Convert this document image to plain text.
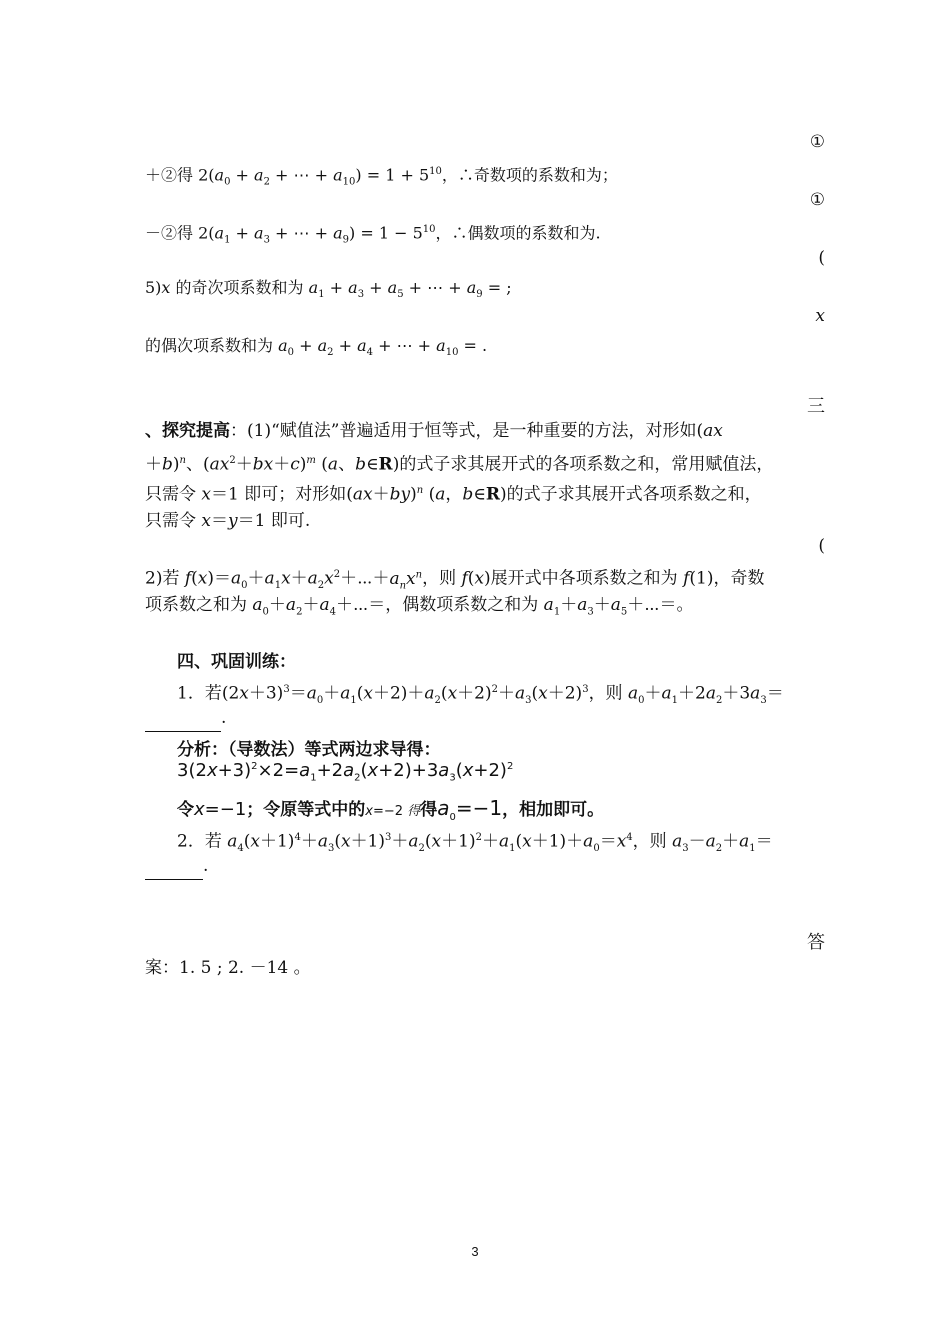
①
①
(
x
三
(
答
＋②得 $2(a_0 + a_2$ + ⋯ + $a_{10}) = 1 + 5^{10}$，∴奇数项的系数和为；
－②得 $2(a_1 + a_3$ + ⋯ + $a_9) = 1 - 5^{10}$，∴偶数项的系数和为.
5)x 的奇次项系数和为 $a_1 + a_3 + a_5$ + ⋯ + $a_9$ = ;
的偶次项系数和为 $a_0 + a_2 + a_4$ + ⋯ + $a_{10}$ = .
、探究提高：(1)“赋值法”普遍适用于恒等式，是一种重要的方法，对形如(ax
＋b)$^n$、$(ax^2+bx+c)^m$ (a、b∈R)的式子求其展开式的各项系数之和，常用赋值法，
只需令 x＝1 即可；对形如$(ax+by)^n$ (a，b∈R)的式子求其展开式各项系数之和，
只需令 x＝y＝1 即可.
2)若 $f(x)=a_0+a_1x+a_2x^2+\cdots+a_nx^n$，则 f(x)展开式中各项系数之和为 f(1)，奇数
项系数之和为 $a_0+a_2+a_4+\cdots=$，偶数项系数之和为 $a_1+a_3+a_5+\cdots=$。
四、巩固训练：
1．若$(2x+3)^3=a_0+a_1(x+2)+a_2(x+2)^2+a_3(x+2)^3$，则 $a_0+a_1+2a_2+3a_3=$
.
分析：（导数法）等式两边求导得：
$3(2x+3)^2\times 2=a_1+2a_2(x+2)+3a_3(x+2)^2$
令x=−1；令原等式中的x=−2 得得$a_0=-1$，相加即可。
2．若 $a_4(x+1)^4+a_3(x+1)^3+a_2(x+1)^2+a_1(x+1)+a_0=x^4$，则 $a_3-a_2+a_1=$
.
案：1. 5 ; 2. －14 。
3
